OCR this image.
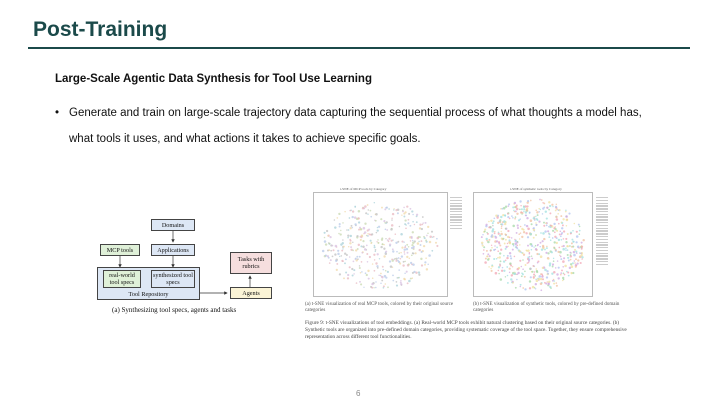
Post-Training
Large-Scale Agentic Data Synthesis for Tool Use Learning
• Generate and train on large-scale trajectory data capturing the sequential process of what thoughts a model has, what tools it uses, and what actions it takes to achieve specific goals.
Domains
MCP tools	Applications
Tasks with rubrics
Tool Repository
real-world tool specs
synthesized tool specs
Agents
(a) Synthesizing tool specs, agents and tasks
t-SNE of MCP tools by Category	t-SNE of synthetic tools by Category
(a) t-SNE visualization of real MCP tools, colored by their original source categories
(b) t-SNE visualization of synthetic tools, colored by pre-defined domain categories
Figure 9: t-SNE visualizations of tool embeddings. (a) Real-world MCP tools exhibit natural clustering based on their original source categories. (b) Synthetic tools are organized into pre-defined domain categories, providing systematic coverage of the tool space. Together, they ensure comprehensive representation across different tool functionalities.
6
